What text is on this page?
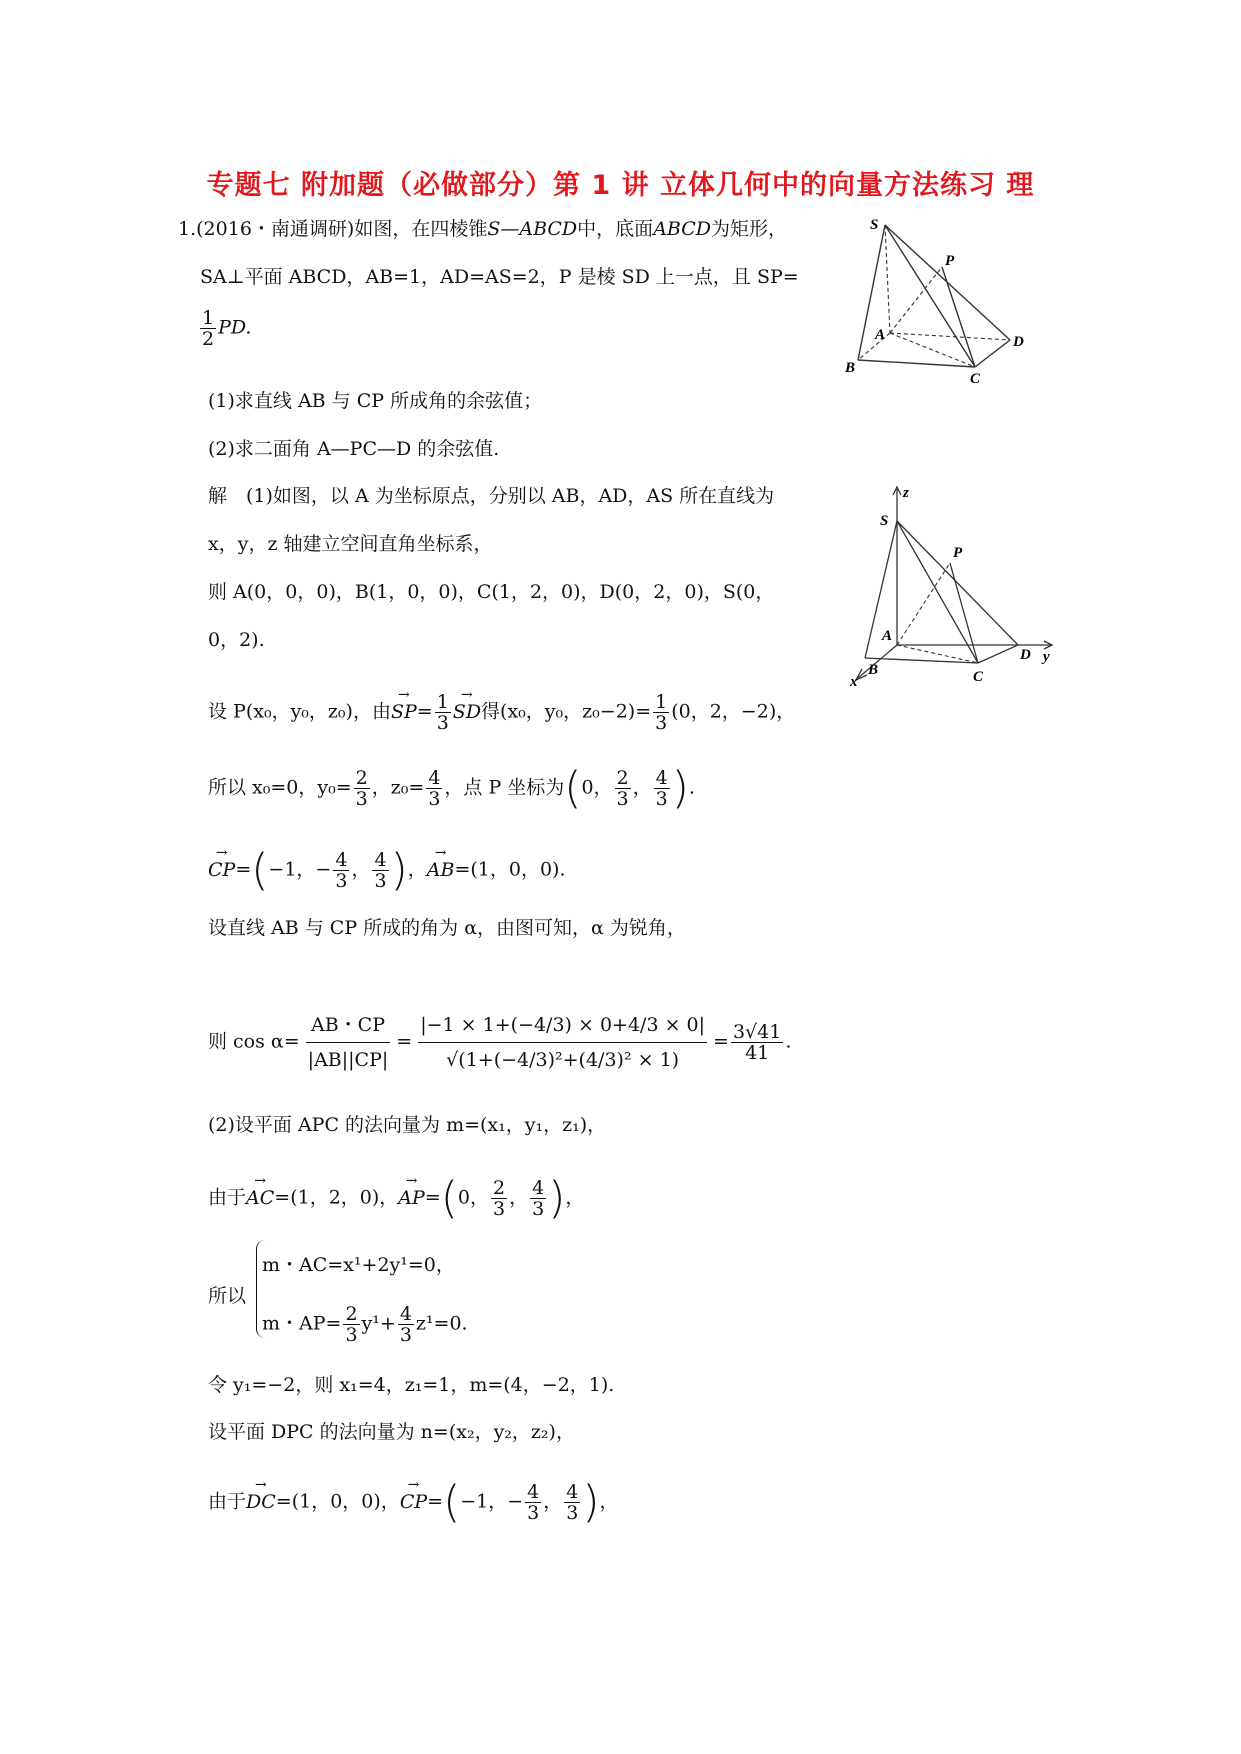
专题七 附加题（必做部分）第 1 讲 立体几何中的向量方法练习 理
1.(2016・南通调研)如图，在四棱锥S—ABCD中，底面ABCD为矩形，
SA⊥平面 ABCD，AB=1，AD=AS=2，P 是棱 SD 上一点，且 SP=
$\frac{1}{2}$ PD.
(1)求直线 AB 与 CP 所成角的余弦值；
(2)求二面角 A—PC—D 的余弦值.
S
P
A	D
B
C
解　(1)如图，以 A 为坐标原点，分别以 AB，AD，AS 所在直线为
x，y，z 轴建立空间直角坐标系，
则 A(0，0，0)，B(1，0，0)，C(1，2，0)，D(0，2，0)，S(0，
0，2).
z
S
P
A
D y
x
B	C
设 P(x₀，y₀，z₀)，由→ $SP= \frac{1}{3}$
→ SD得(x₀，y₀，$z_0-2)= \frac{1}{3} (0$，2，−2)，
所以 x₀=0，$y_0= \frac{2}{3}$ ，$z_0= \frac{4}{3}$ ，点 P 坐标为(0， $\frac{2}{3}$ ， $\frac{4}{3}$ ).
→ CP=(−1，− $\frac{4}{3}$ ， $\frac{4}{3}$ )，→ AB=(1，0，0).
设直线 AB 与 CP 所成的角为 α，由图可知，α 为锐角，
则 $\cos \alpha= \frac{AB・CP}{|AB||CP|} = \frac{|-1 \times 1+(-4/3) \times 0+4/3 \times 0|}{\text{√(1+(−4/3)²+(4/3)² × 1)}} = \frac{3√41}{41}$ .
(2)设平面 APC 的法向量为 m=(x₁，y₁，z₁)，
由于→ AC=(1，2，0)，→ AP=(0， $\frac{2}{3}$ ， $\frac{4}{3}$ )，
所以
m・AC=x¹+2y¹=0，
m・$AP= \frac{2}{3} y^1+ \frac{4}{3} z^1=0$.
令 y₁=−2，则 x₁=4，z₁=1，m=(4，−2，1).
设平面 DPC 的法向量为 n=(x₂，y₂，z₂)，
由于→ DC=(1，0，0)，→ CP=(−1，− $\frac{4}{3}$ ， $\frac{4}{3}$ )，
